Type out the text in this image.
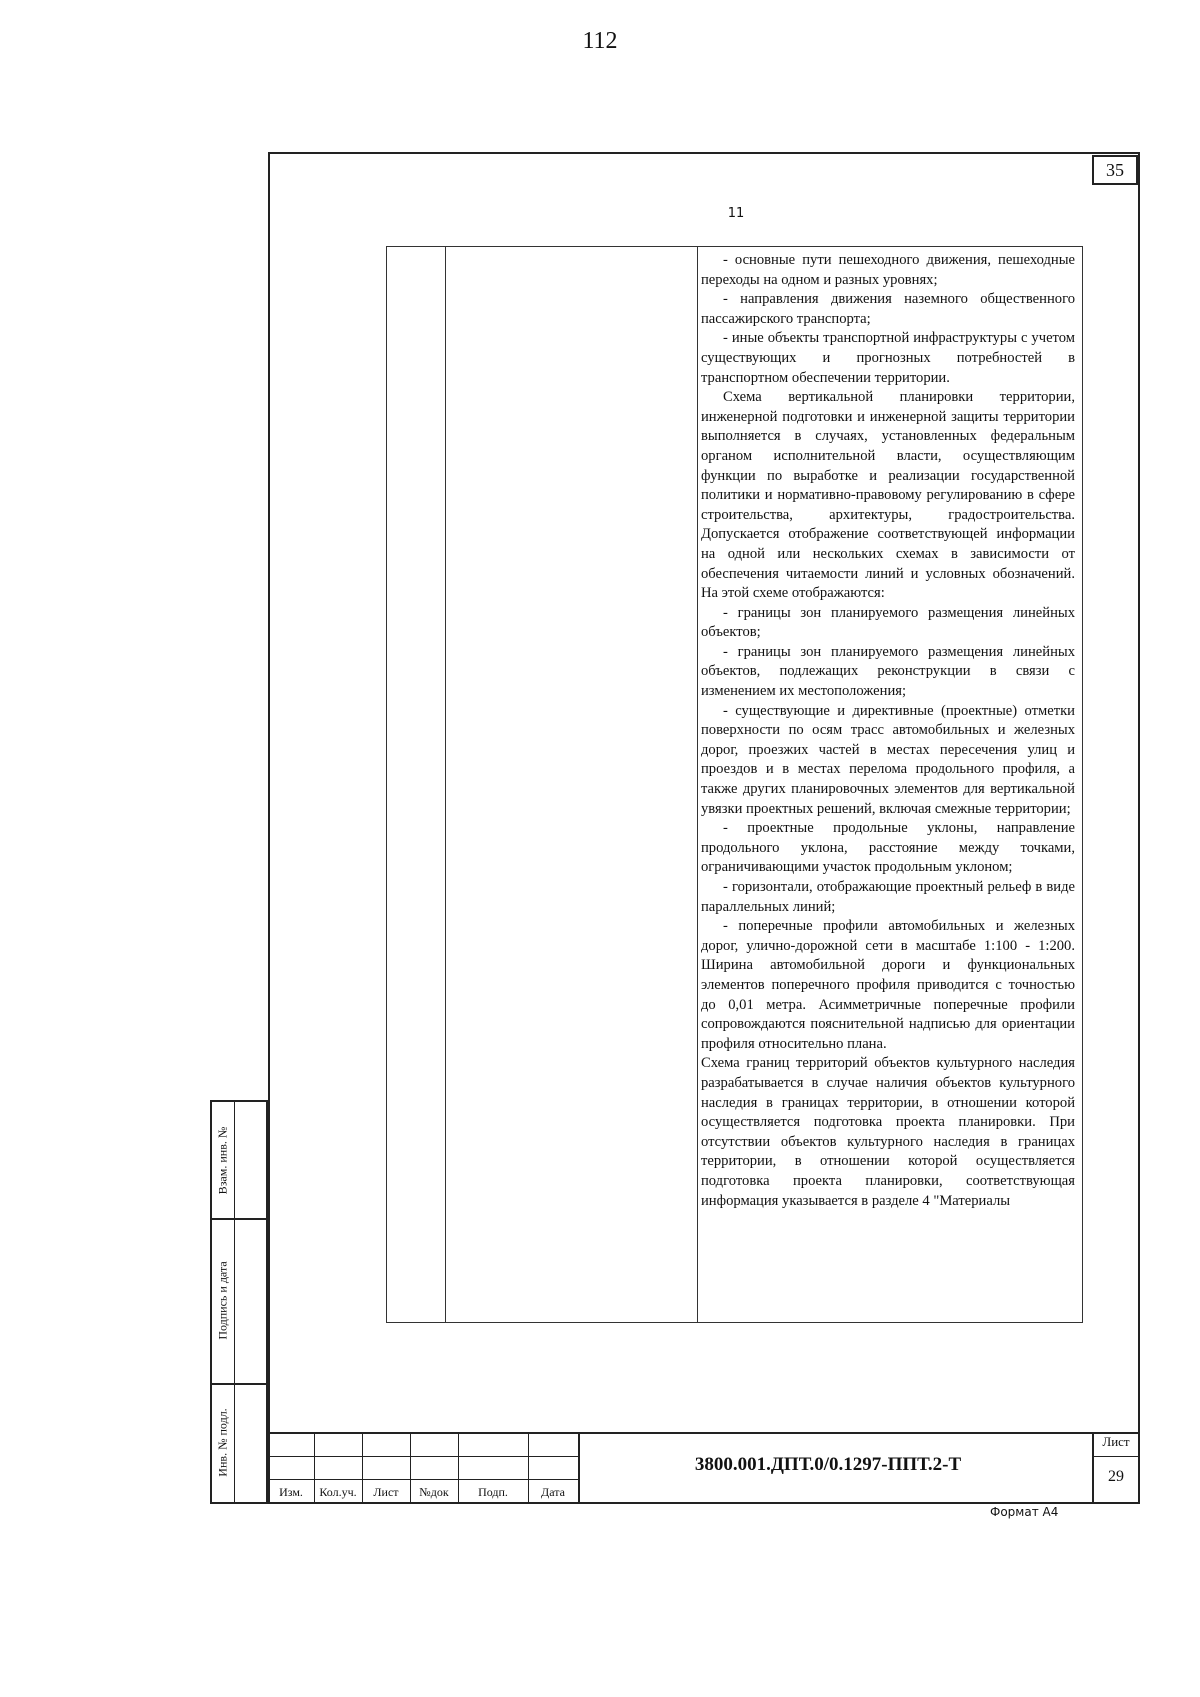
112
35
11

- основные пути пешеходного движения, пешеходные переходы на одном и разных уровнях;

- направления движения наземного общественного пассажирского транспорта;

- иные объекты транспортной инфраструктуры с учетом существующих и прогнозных потребностей в транспортном обеспечении территории.

Схема вертикальной планировки территории, инженерной подготовки и инженерной защиты территории выполняется в случаях, установленных федеральным органом исполнительной власти, осуществляющим функции по выработке и реализации государственной политики и нормативно-правовому регулированию в сфере строительства, архитектуры, градостроительства. Допускается отображение соответствующей информации на одной или нескольких схемах в зависимости от обеспечения читаемости линий и условных обозначений. На этой схеме отображаются:

- границы зон планируемого размещения линейных объектов;

- границы зон планируемого размещения линейных объектов, подлежащих реконструкции в связи с изменением их местоположения;

- существующие и директивные (проектные) отметки поверхности по осям трасс автомобильных и железных дорог, проезжих частей в местах пересечения улиц и проездов и в местах перелома продольного профиля, а также других планировочных элементов для вертикальной увязки проектных решений, включая смежные территории;

- проектные продольные уклоны, направление продольного уклона, расстояние между точками, ограничивающими участок продольным уклоном;

- горизонтали, отображающие проектный рельеф в виде параллельных линий;

- поперечные профили автомобильных и железных дорог, улично-дорожной сети в масштабе 1:100 - 1:200. Ширина автомобильной дороги и функциональных элементов поперечного профиля приводится с точностью до 0,01 метра. Асимметричные поперечные профили сопровождаются пояснительной надписью для ориентации профиля относительно плана.

Схема границ территорий объектов культурного наследия разрабатывается в случае наличия объектов культурного наследия в границах территории, в отношении которой осуществляется подготовка проекта планировки. При отсутствии объектов культурного наследия в границах территории, в отношении которой осуществляется подготовка проекта планировки, соответствующая информация указывается в разделе 4 "Материалы

Взам. инв. №
Подпись и дата
Инв. № подл.
Изм.	Кол.уч.	Лист	№док	Подп.	Дата
3800.001.ДПТ.0/0.1297-ППТ.2-Т
Лист
29
Формат А4
